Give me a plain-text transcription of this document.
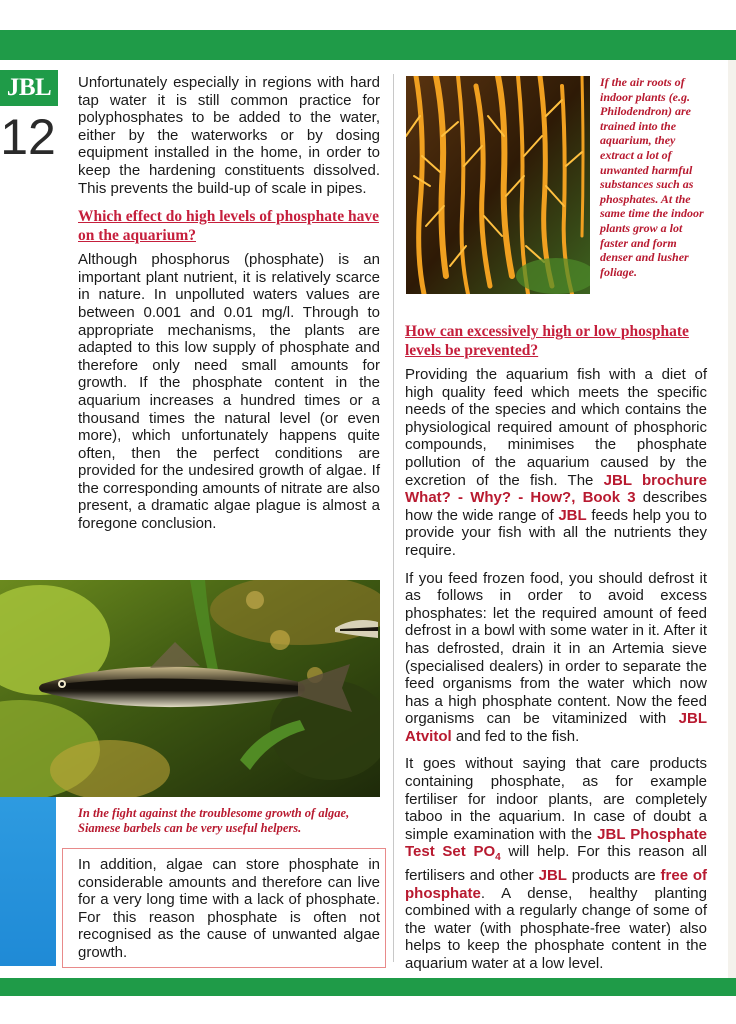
JBL
12

Unfortunately especially in regions with hard tap water it is still common practice for polyphosphates to be added to the water, either by the waterworks or by dosing equipment installed in the home, in order to keep the hardening constituents dissolved. This prevents the build-up of scale in pipes.

Which effect do high levels of phosphate have on the aquarium?

Although phosphorus (phosphate) is an important plant nutrient, it is relatively scarce in nature. In unpolluted waters values are between 0.001 and 0.01 mg/l. Through to appropriate mechanisms, the plants are adapted to this low supply of phosphate and therefore only need small amounts for growth. If the phosphate content in the aquarium increases a hundred times or a thousand times the natural level (or even more), which unfortunately happens quite often, then the perfect conditions are provided for the undesired growth of algae. If the corresponding amounts of nitrate are also present, a dramatic algae plague is almost a foregone conclusion.

In the fight against the troublesome growth of algae, Siamese barbels can be very useful helpers.
In addition, algae can store phosphate in considerable amounts and therefore can live for a very long time with a lack of phosphate. For this reason phosphate is often not recognised as the cause of unwanted algae growth.
If the air roots of indoor plants (e.g. Philodendron) are trained into the aquarium, they extract a lot of unwanted harmful substances such as phosphates. At the same time the indoor plants grow a lot faster and form denser and lusher foliage.
How can excessively high or low phosphate levels be prevented?

Providing the aquarium fish with a diet of high quality feed which meets the specific needs of the species and which contains the physiological required amount of phosphoric compounds, minimises the phosphate pollution of the aquarium caused by the excretion of the fish. The JBL brochure What? - Why? - How?, Book 3 describes how the wide range of JBL feeds help you to provide your fish with all the nutrients they require.

If you feed frozen food, you should defrost it as follows in order to avoid excess phosphates: let the required amount of feed defrost in a bowl with some water in it. After it has defrosted, drain it in an Artemia sieve (specialised dealers) in order to separate the feed organisms from the water which now has a high phosphate content. Now the feed organisms can be vitaminized with JBL Atvitol and fed to the fish.

It goes without saying that care products containing phosphate, as for example fertiliser for indoor plants, are completely taboo in the aquarium. In case of doubt a simple examination with the JBL Phosphate Test Set $PO_4$ will help. For this reason all fertilisers and other JBL products are free of phosphate. A dense, healthy planting combined with a regularly change of some of the water (with phosphate-free water) also helps to keep the phosphate content in the aquarium water at a low level.
